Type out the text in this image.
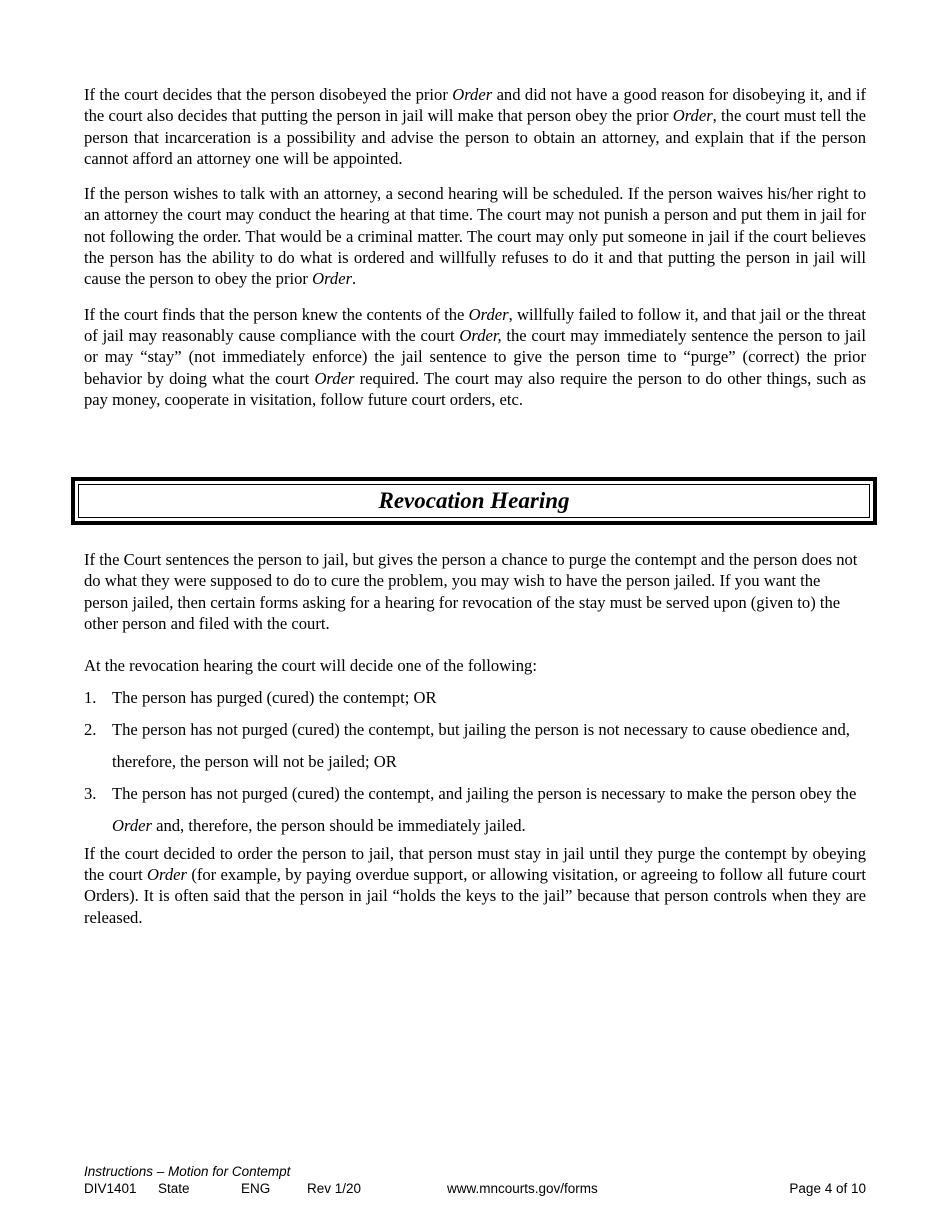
If the court decides that the person disobeyed the prior Order and did not have a good reason for disobeying it, and if the court also decides that putting the person in jail will make that person obey the prior Order, the court must tell the person that incarceration is a possibility and advise the person to obtain an attorney, and explain that if the person cannot afford an attorney one will be appointed.

If the person wishes to talk with an attorney, a second hearing will be scheduled. If the person waives his/her right to an attorney the court may conduct the hearing at that time. The court may not punish a person and put them in jail for not following the order. That would be a criminal matter. The court may only put someone in jail if the court believes the person has the ability to do what is ordered and willfully refuses to do it and that putting the person in jail will cause the person to obey the prior Order.

If the court finds that the person knew the contents of the Order, willfully failed to follow it, and that jail or the threat of jail may reasonably cause compliance with the court Order, the court may immediately sentence the person to jail or may “stay” (not immediately enforce) the jail sentence to give the person time to “purge” (correct) the prior behavior by doing what the court Order required. The court may also require the person to do other things, such as pay money, cooperate in visitation, follow future court orders, etc.

Revocation Hearing

If the Court sentences the person to jail, but gives the person a chance to purge the contempt and the person does not do what they were supposed to do to cure the problem, you may wish to have the person jailed. If you want the person jailed, then certain forms asking for a hearing for revocation of the stay must be served upon (given to) the other person and filed with the court.

At the revocation hearing the court will decide one of the following:

1. The person has purged (cured) the contempt; OR
2. The person has not purged (cured) the contempt, but jailing the person is not necessary to cause obedience and, therefore, the person will not be jailed; OR
3. The person has not purged (cured) the contempt, and jailing the person is necessary to make the person obey the Order and, therefore, the person should be immediately jailed.

If the court decided to order the person to jail, that person must stay in jail until they purge the contempt by obeying the court Order (for example, by paying overdue support, or allowing visitation, or agreeing to follow all future court Orders). It is often said that the person in jail “holds the keys to the jail” because that person controls when they are released.

Instructions – Motion for Contempt
DIV1401 State	ENG	Rev 1/20	www.mncourts.gov/forms	Page 4 of 10
